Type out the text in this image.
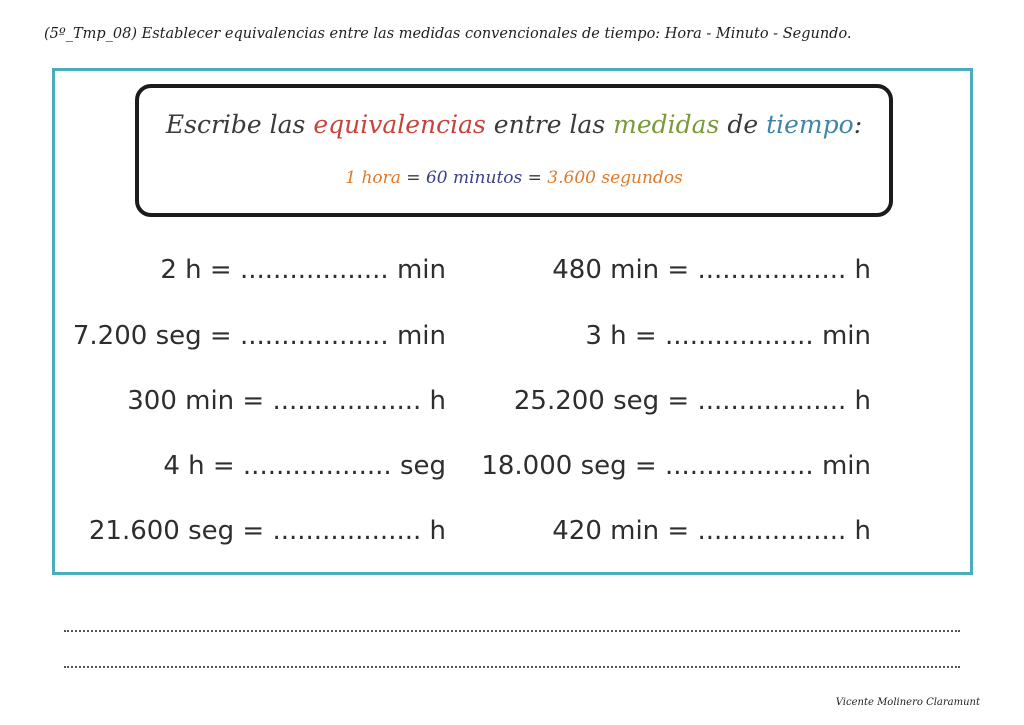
(5º_Tmp_08) Establecer equivalencias entre las medidas convencionales de tiempo: Hora - Minuto - Segundo.
Escribe las equivalencias entre las medidas de tiempo:
1 hora = 60 minutos = 3.600 segundos
2 h = .................. min
7.200 seg = .................. min
300 min = .................. h
4 h = .................. seg
21.600 seg = .................. h
480 min = .................. h
3 h = .................. min
25.200 seg = .................. h
18.000 seg = .................. min
420 min = .................. h
Vicente Molinero Claramunt
